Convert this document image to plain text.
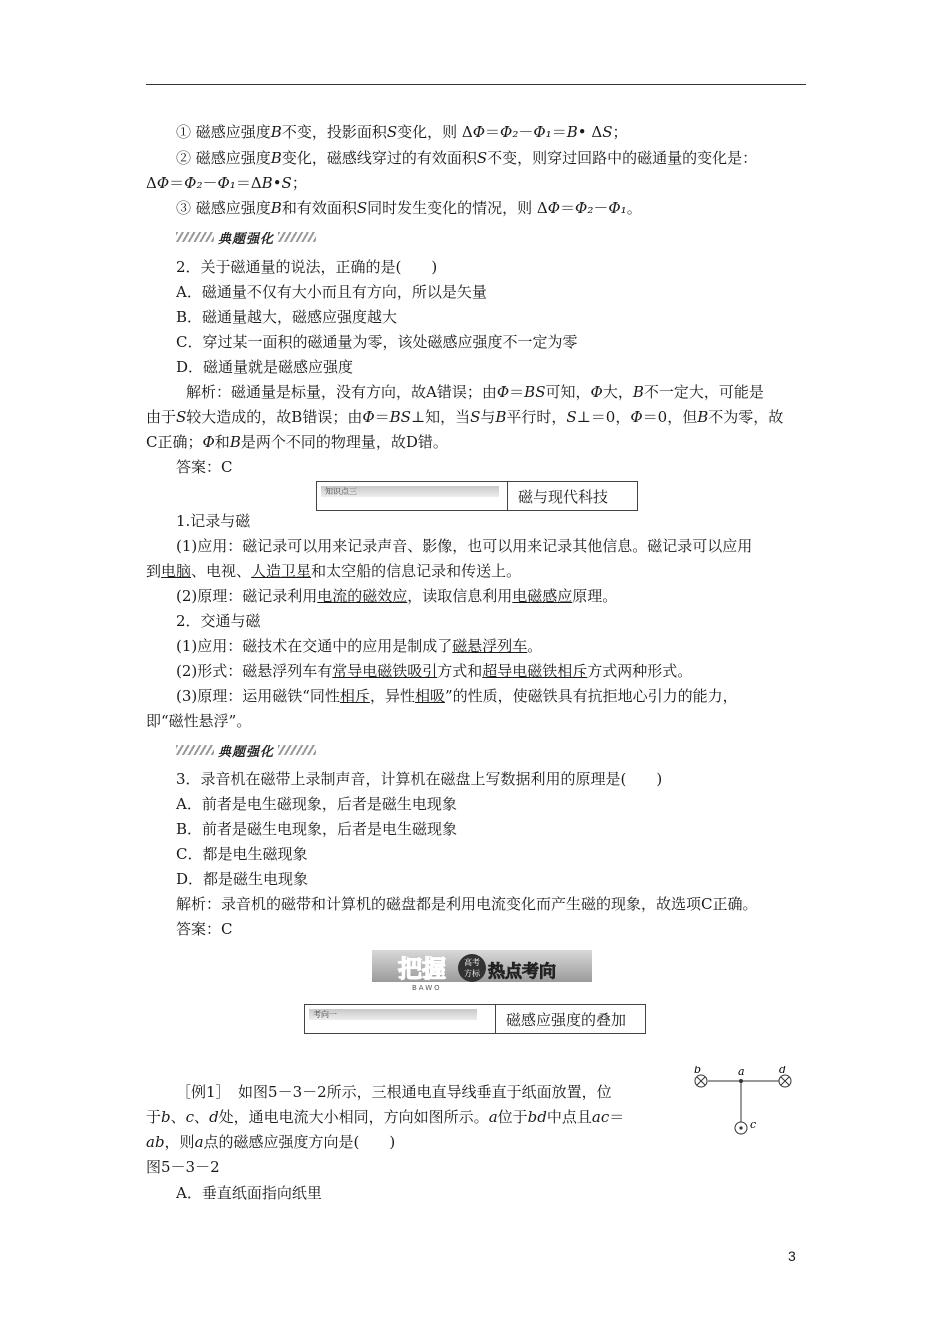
① 磁感应强度B不变，投影面积S变化，则 ΔΦ＝Φ₂－Φ₁＝B• ΔS；
② 磁感应强度B变化，磁感线穿过的有效面积S不变，则穿过回路中的磁通量的变化是：
ΔΦ＝Φ₂－Φ₁＝ΔB•S；
③ 磁感应强度B和有效面积S同时发生变化的情况，则 ΔΦ＝Φ₂－Φ₁。
典题强化
2．关于磁通量的说法，正确的是(　　)
A．磁通量不仅有大小而且有方向，所以是矢量
B．磁通量越大，磁感应强度越大
C．穿过某一面积的磁通量为零，该处磁感应强度不一定为零
D．磁通量就是磁感应强度
解析：磁通量是标量，没有方向，故A错误；由Φ＝BS可知，Φ大，B不一定大，可能是
由于S较大造成的，故B错误；由Φ＝BS⊥知，当S与B平行时，S⊥＝0，Φ＝0，但B不为零，故
C正确；Φ和B是两个不同的物理量，故D错。
答案：C
知识点三	磁与现代科技
1.记录与磁
(1)应用：磁记录可以用来记录声音、影像，也可以用来记录其他信息。磁记录可以应用
到电脑、电视、人造卫星和太空船的信息记录和传送上。
(2)原理：磁记录利用电流的磁效应，读取信息利用电磁感应原理。
2．交通与磁
(1)应用：磁技术在交通中的应用是制成了磁悬浮列车。
(2)形式：磁悬浮列车有常导电磁铁吸引方式和超导电磁铁相斥方式两种形式。
(3)原理：运用磁铁“同性相斥，异性相吸”的性质，使磁铁具有抗拒地心引力的能力，
即“磁性悬浮”。
典题强化
3．录音机在磁带上录制声音，计算机在磁盘上写数据利用的原理是(　　)
A．前者是电生磁现象，后者是磁生电现象
B．前者是磁生电现象，后者是电生磁现象
C．都是电生磁现象
D．都是磁生电现象
解析：录音机的磁带和计算机的磁盘都是利用电流变化而产生磁的现象，故选项C正确。
答案：C
把握 高考
方标 热点考向
BAWO
考向一	磁感应强度的叠加
［例1］　如图5－3－2所示，三根通电直导线垂直于纸面放置，位
于b、c、d处，通电电流大小相同，方向如图所示。a位于bd中点且ac＝
ab，则a点的磁感应强度方向是(　　)
图5－3－2
A．垂直纸面指向纸里
b	a	d
c
3
